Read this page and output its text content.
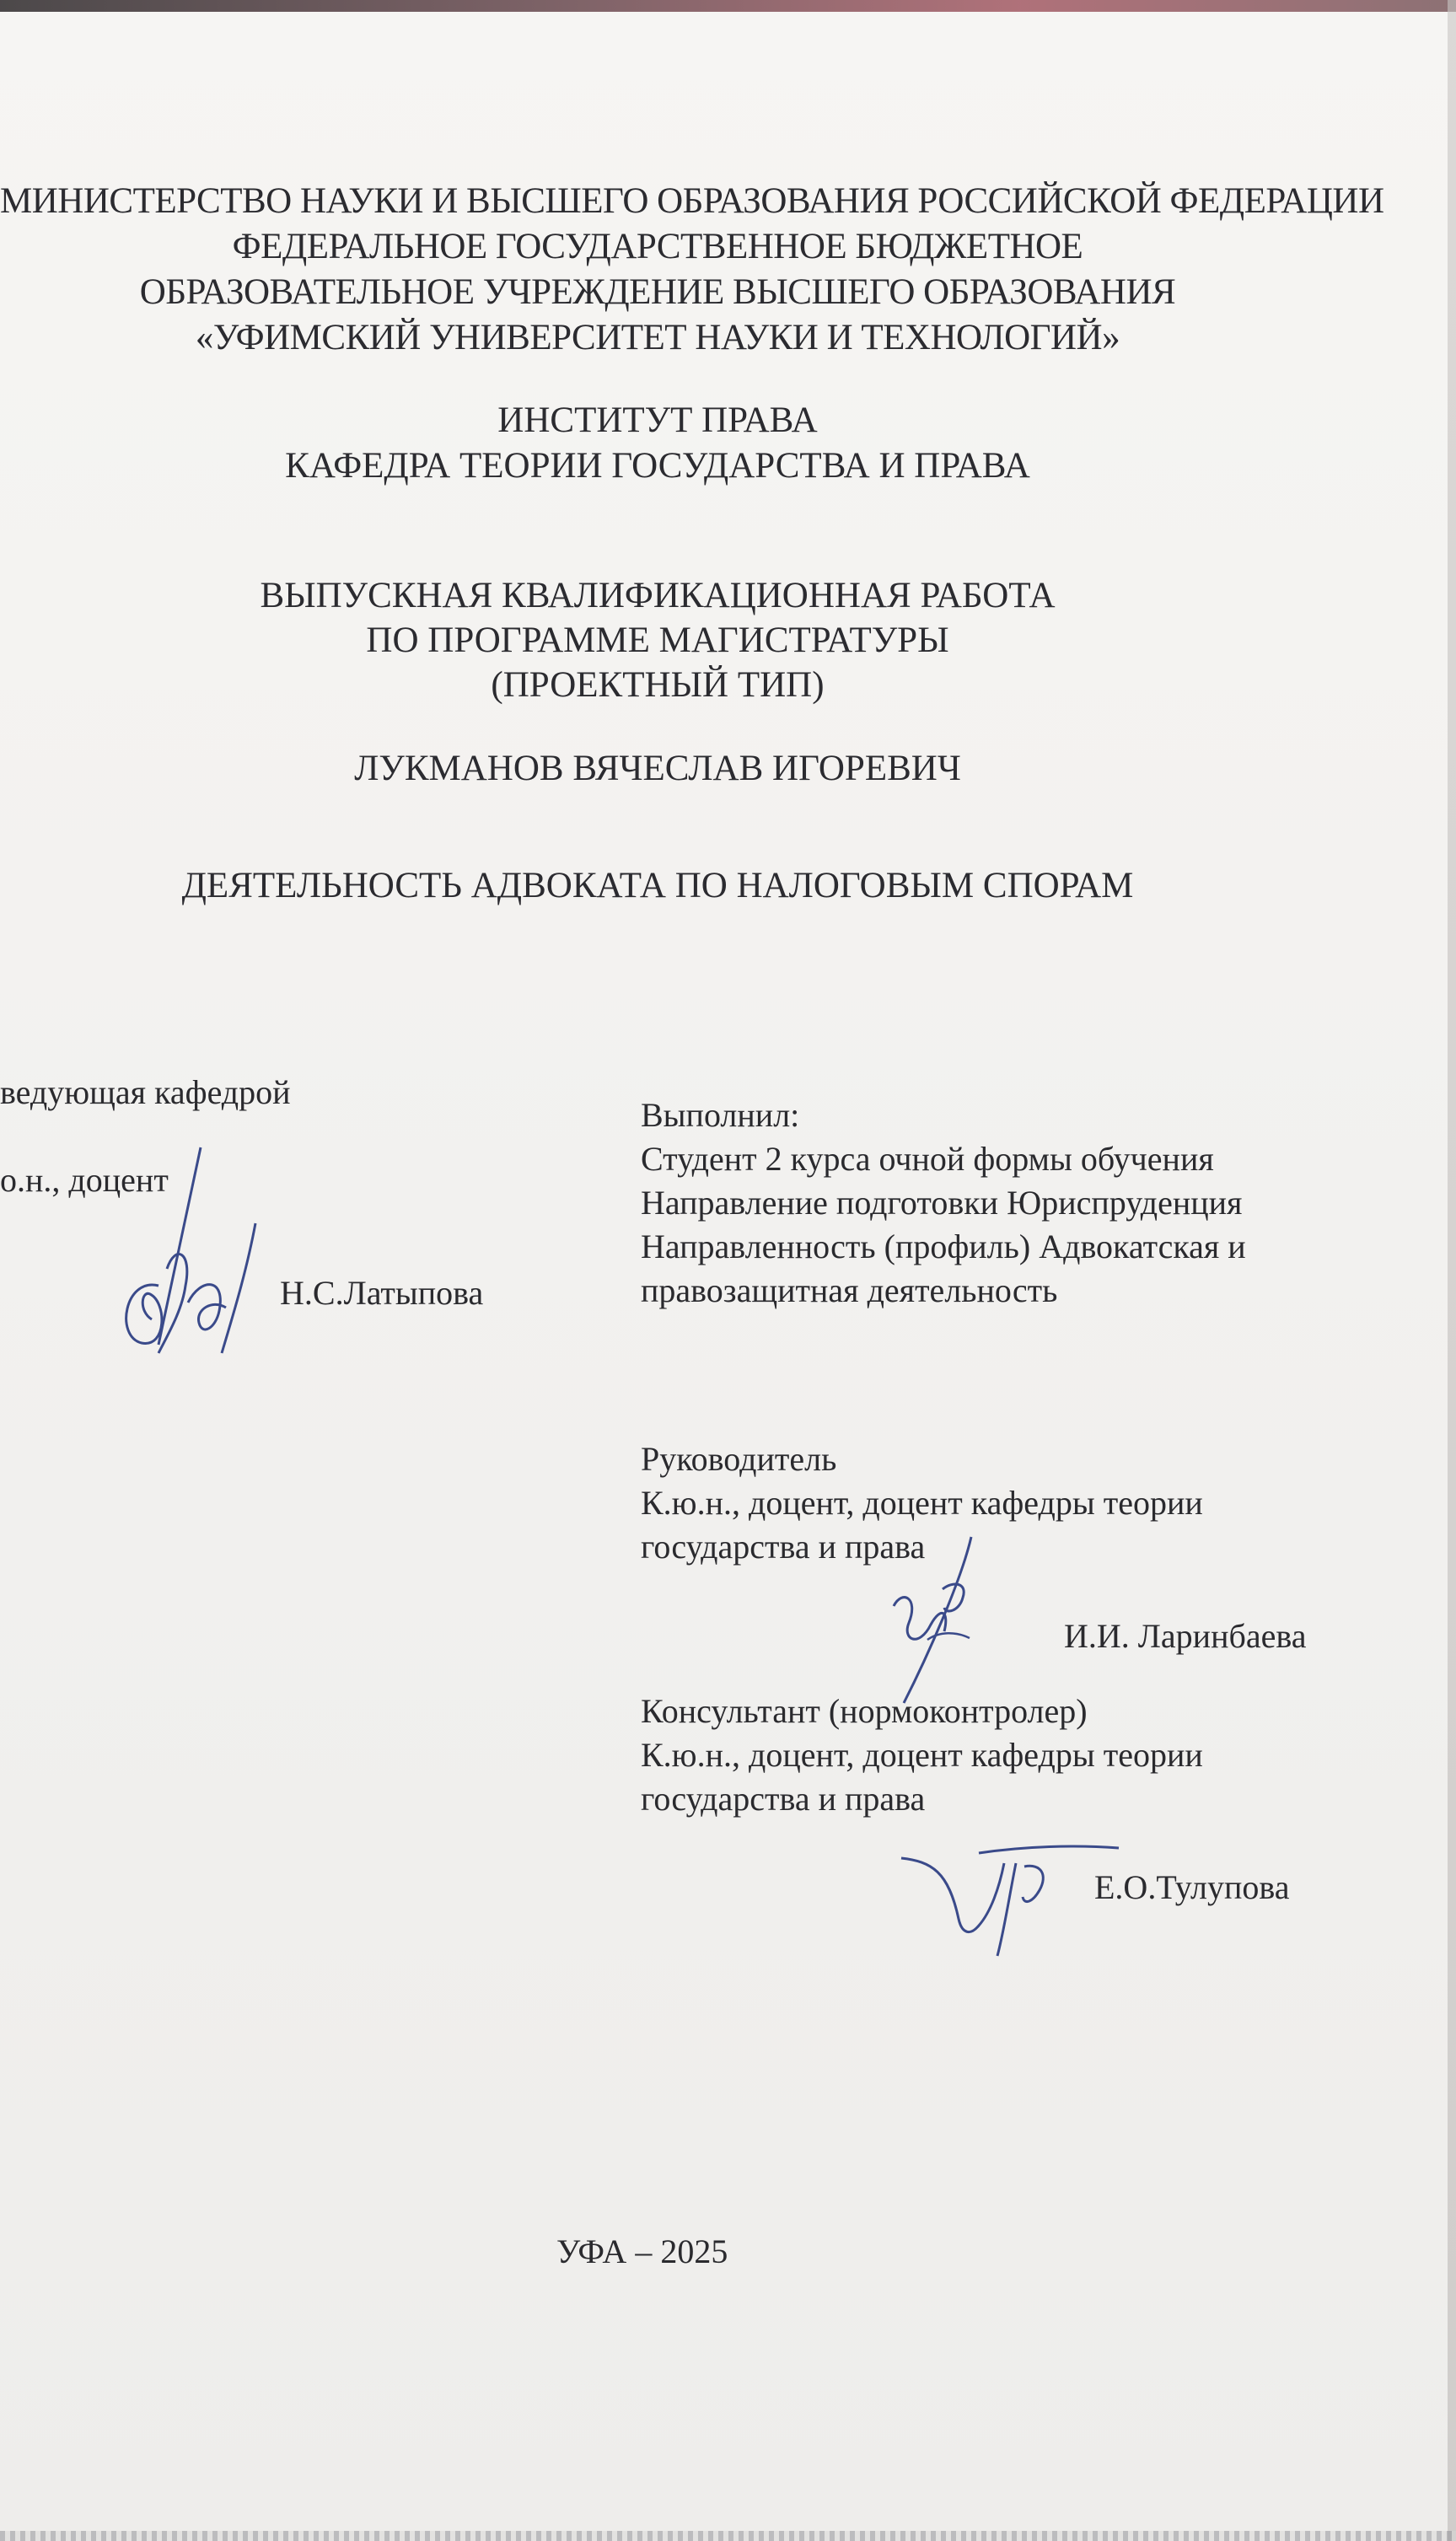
МИНИСТЕРСТВО НАУКИ И ВЫСШЕГО ОБРАЗОВАНИЯ РОССИЙСКОЙ ФЕДЕРАЦИИ
ФЕДЕРАЛЬНОЕ ГОСУДАРСТВЕННОЕ БЮДЖЕТНОЕ
ОБРАЗОВАТЕЛЬНОЕ УЧРЕЖДЕНИЕ ВЫСШЕГО ОБРАЗОВАНИЯ
«УФИМСКИЙ УНИВЕРСИТЕТ НАУКИ И ТЕХНОЛОГИЙ»
ИНСТИТУТ ПРАВА
КАФЕДРА ТЕОРИИ ГОСУДАРСТВА И ПРАВА
ВЫПУСКНАЯ КВАЛИФИКАЦИОННАЯ РАБОТА
ПО ПРОГРАММЕ МАГИСТРАТУРЫ
(ПРОЕКТНЫЙ ТИП)
ЛУКМАНОВ ВЯЧЕСЛАВ ИГОРЕВИЧ
ДЕЯТЕЛЬНОСТЬ АДВОКАТА ПО НАЛОГОВЫМ СПОРАМ
ведующая кафедрой
о.н., доцент
Н.С.Латыпова
Выполнил:
Студент 2 курса очной формы обучения
Направление подготовки Юриспруденция
Направленность (профиль) Адвокатская и
правозащитная деятельность
Руководитель
К.ю.н., доцент, доцент кафедры теории
государства и права
И.И. Ларинбаева
Консультант (нормоконтролер)
К.ю.н., доцент, доцент кафедры теории
государства и права
Е.О.Тулупова
УФА – 2025
